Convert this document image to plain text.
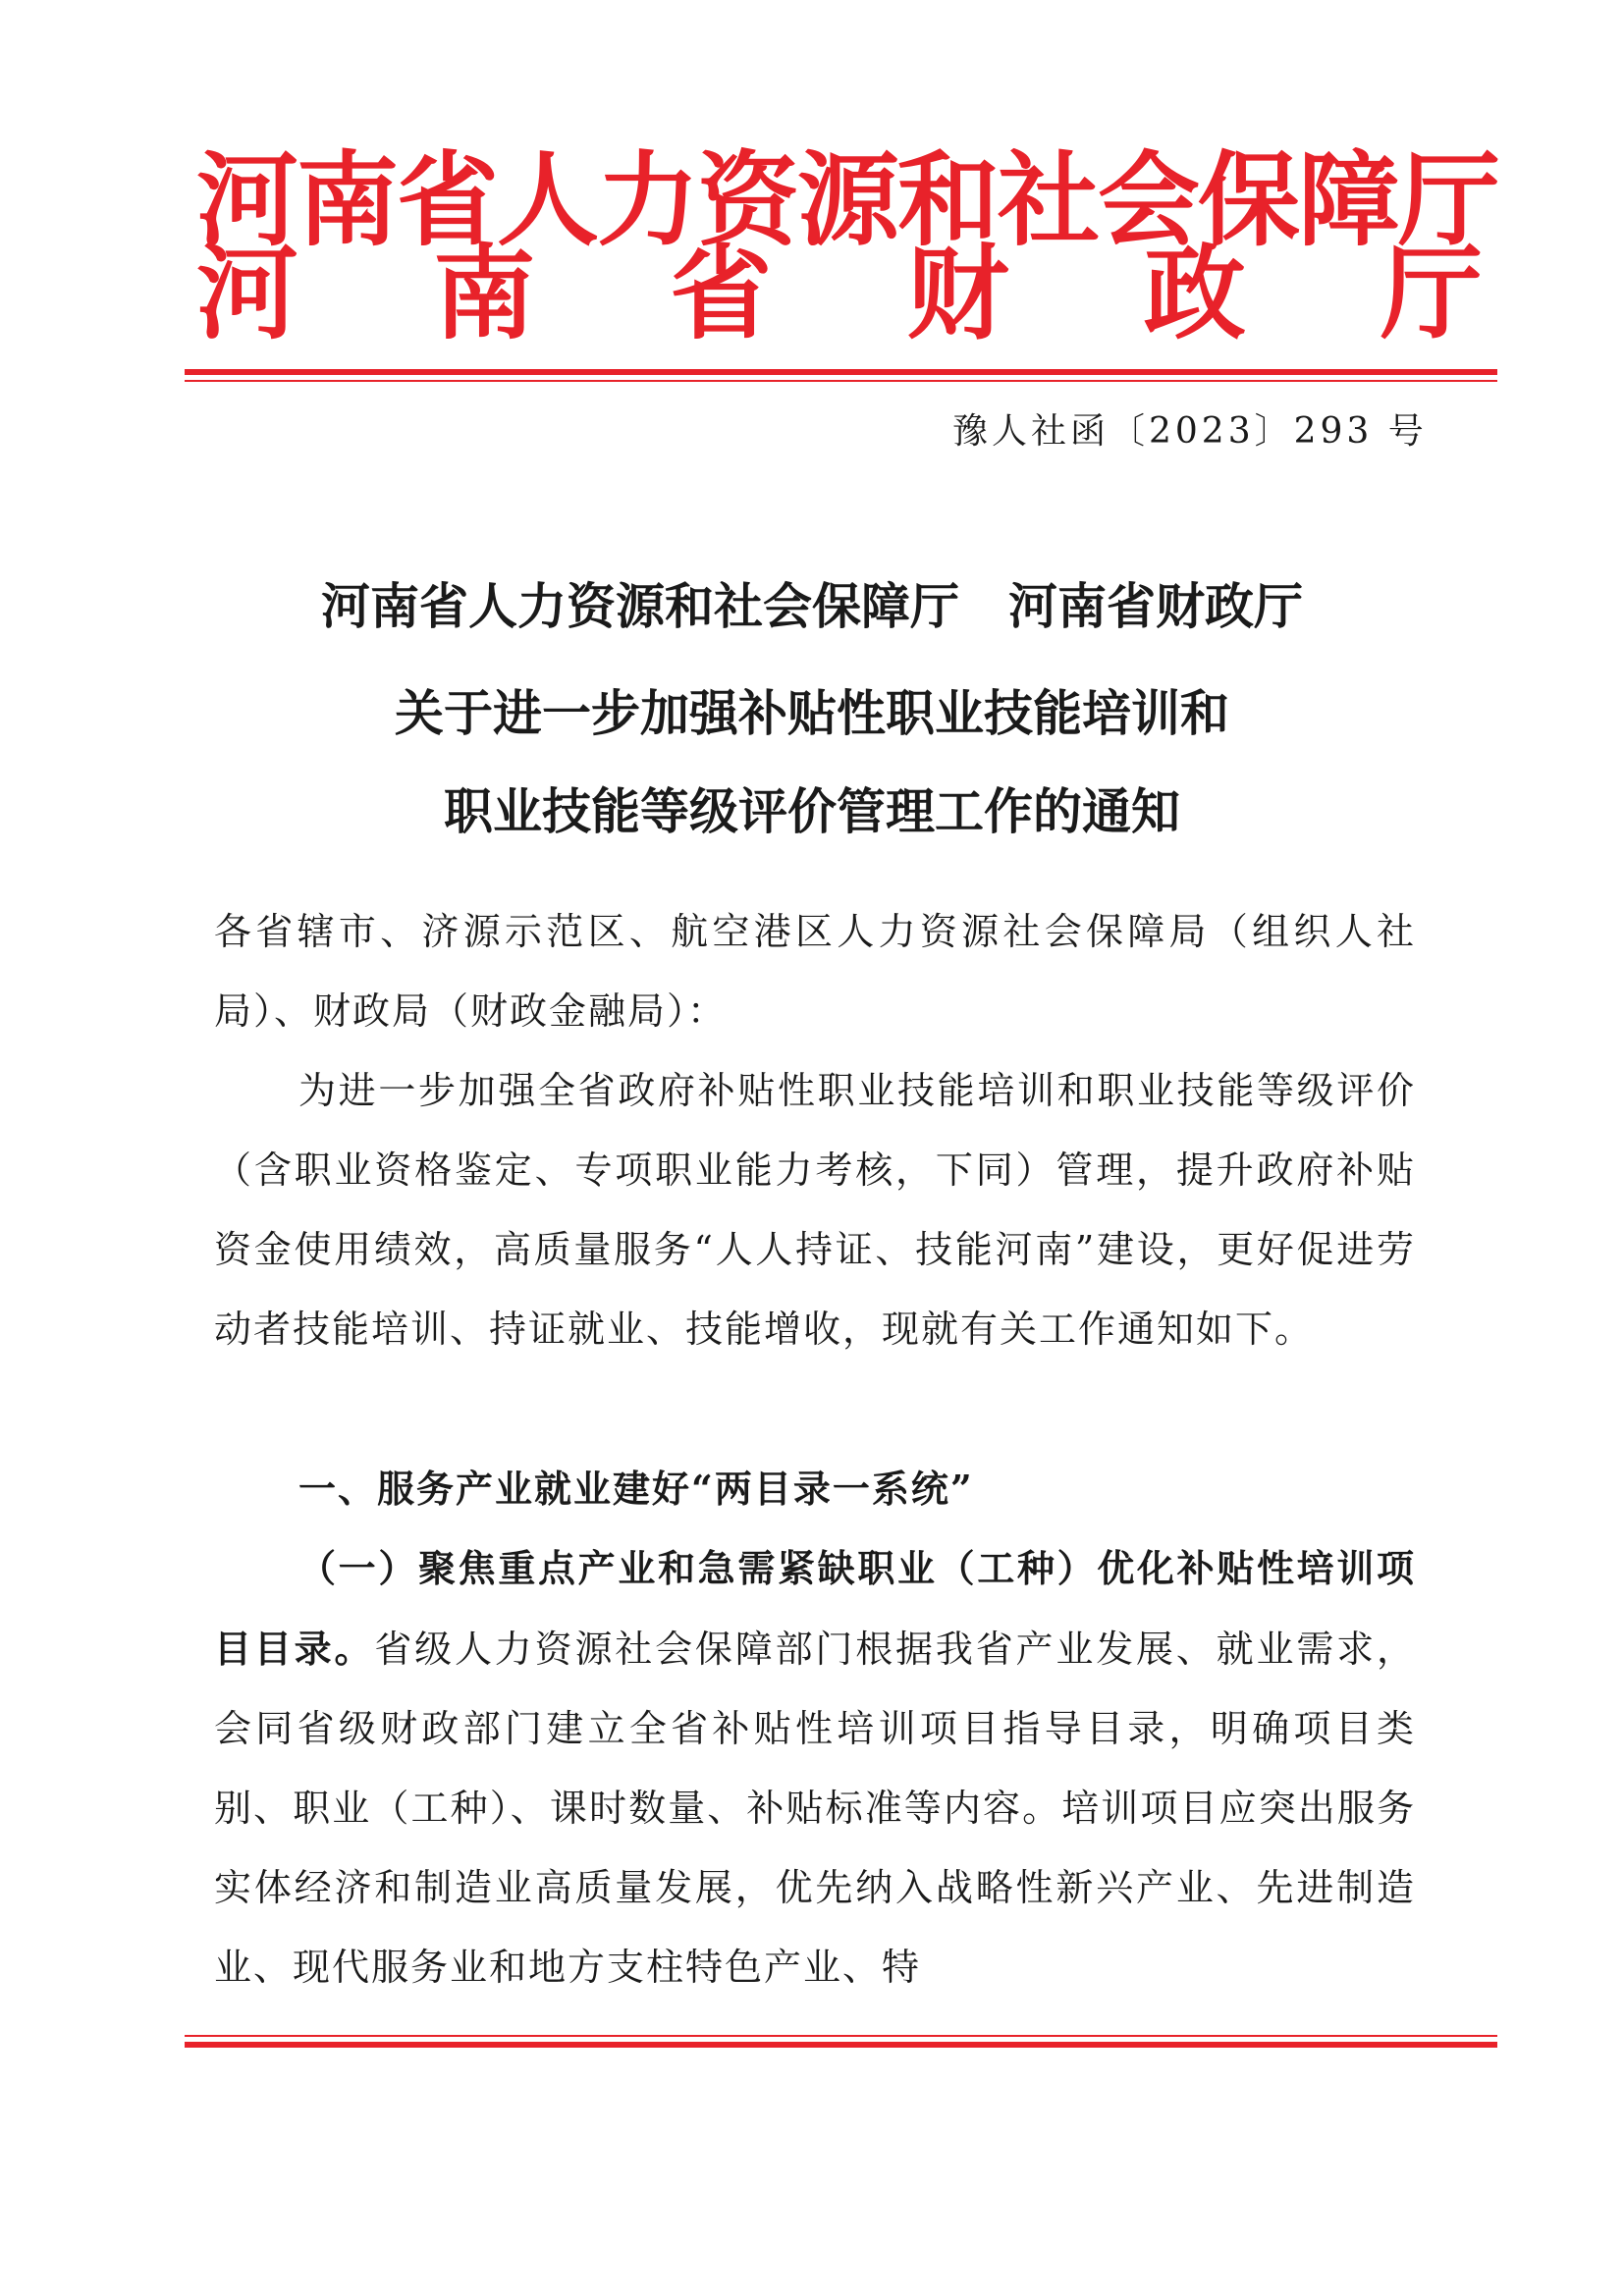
河南省人力资源和社会保障厅
河 南 省 财 政 厅
豫人社函〔2023〕293 号
河南省人力资源和社会保障厅　河南省财政厅
关于进一步加强补贴性职业技能培训和
职业技能等级评价管理工作的通知
各省辖市、济源示范区、航空港区人力资源社会保障局（组织人社局）、财政局（财政金融局）：
为进一步加强全省政府补贴性职业技能培训和职业技能等级评价（含职业资格鉴定、专项职业能力考核，下同）管理，提升政府补贴资金使用绩效，高质量服务“人人持证、技能河南”建设，更好促进劳动者技能培训、持证就业、技能增收，现就有关工作通知如下。
一、服务产业就业建好“两目录一系统”
（一）聚焦重点产业和急需紧缺职业（工种）优化补贴性培训项目目录。省级人力资源社会保障部门根据我省产业发展、就业需求，会同省级财政部门建立全省补贴性培训项目指导目录，明确项目类别、职业（工种）、课时数量、补贴标准等内容。培训项目应突出服务实体经济和制造业高质量发展，优先纳入战略性新兴产业、先进制造业、现代服务业和地方支柱特色产业、特
